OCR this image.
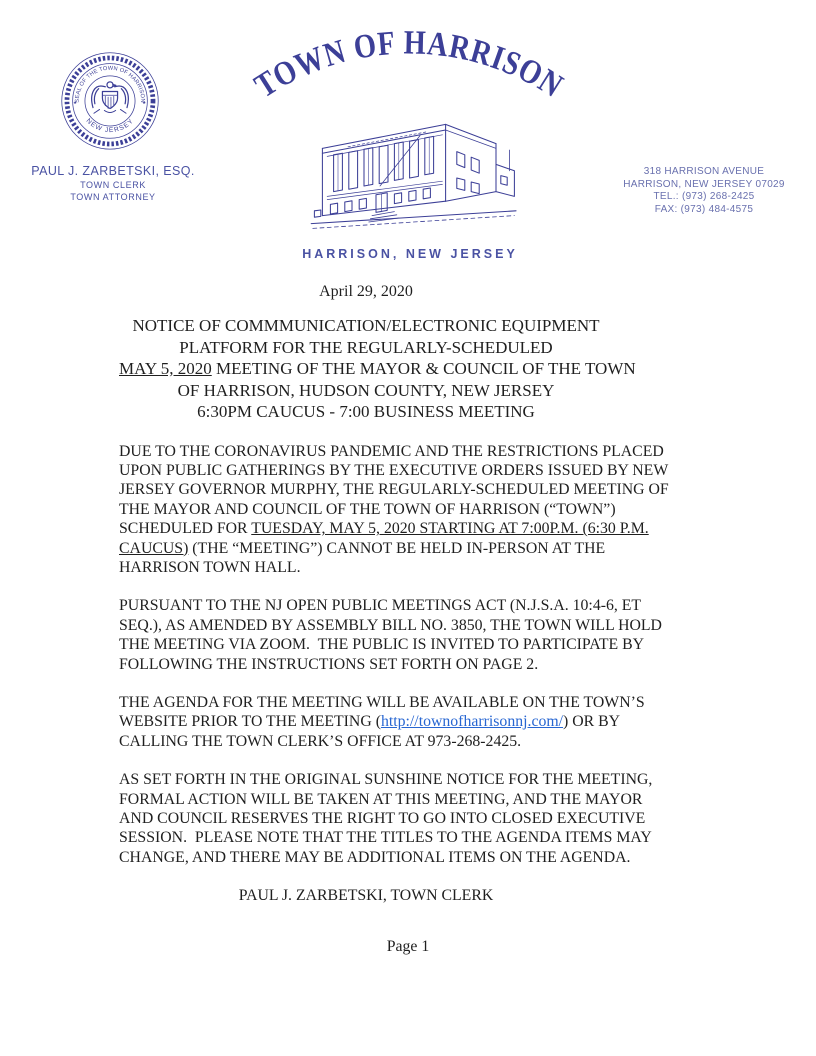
SEAL OF THE TOWN OF HARRISON
NEW JERSEY
★	★
PAUL J. ZARBETSKI, ESQ.
TOWN CLERK
TOWN ATTORNEY
TOWN OF HARRISON
HARRISON, NEW JERSEY
318 HARRISON AVENUE
HARRISON, NEW JERSEY 07029
TEL.: (973) 268-2425
FAX: (973) 484-4575
April 29, 2020
NOTICE OF COMMMUNICATION/ELECTRONIC EQUIPMENT
PLATFORM FOR THE REGULARLY-SCHEDULED
MAY 5, 2020 MEETING OF THE MAYOR & COUNCIL OF THE TOWN
OF HARRISON, HUDSON COUNTY, NEW JERSEY
6:30PM CAUCUS - 7:00 BUSINESS MEETING
DUE TO THE CORONAVIRUS PANDEMIC AND THE RESTRICTIONS PLACED
UPON PUBLIC GATHERINGS BY THE EXECUTIVE ORDERS ISSUED BY NEW
JERSEY GOVERNOR MURPHY, THE REGULARLY-SCHEDULED MEETING OF
THE MAYOR AND COUNCIL OF THE TOWN OF HARRISON (“TOWN”)
SCHEDULED FOR TUESDAY, MAY 5, 2020 STARTING AT 7:00P.M. (6:30 P.M.
CAUCUS) (THE “MEETING”) CANNOT BE HELD IN-PERSON AT THE
HARRISON TOWN HALL.
PURSUANT TO THE NJ OPEN PUBLIC MEETINGS ACT (N.J.S.A. 10:4-6, ET
SEQ.), AS AMENDED BY ASSEMBLY BILL NO. 3850, THE TOWN WILL HOLD
THE MEETING VIA ZOOM.  THE PUBLIC IS INVITED TO PARTICIPATE BY
FOLLOWING THE INSTRUCTIONS SET FORTH ON PAGE 2.
THE AGENDA FOR THE MEETING WILL BE AVAILABLE ON THE TOWN’S
WEBSITE PRIOR TO THE MEETING (http://townofharrisonnj.com/) OR BY
CALLING THE TOWN CLERK’S OFFICE AT 973-268-2425.
AS SET FORTH IN THE ORIGINAL SUNSHINE NOTICE FOR THE MEETING,
FORMAL ACTION WILL BE TAKEN AT THIS MEETING, AND THE MAYOR
AND COUNCIL RESERVES THE RIGHT TO GO INTO CLOSED EXECUTIVE
SESSION.  PLEASE NOTE THAT THE TITLES TO THE AGENDA ITEMS MAY
CHANGE, AND THERE MAY BE ADDITIONAL ITEMS ON THE AGENDA.
PAUL J. ZARBETSKI, TOWN CLERK
Page 1
